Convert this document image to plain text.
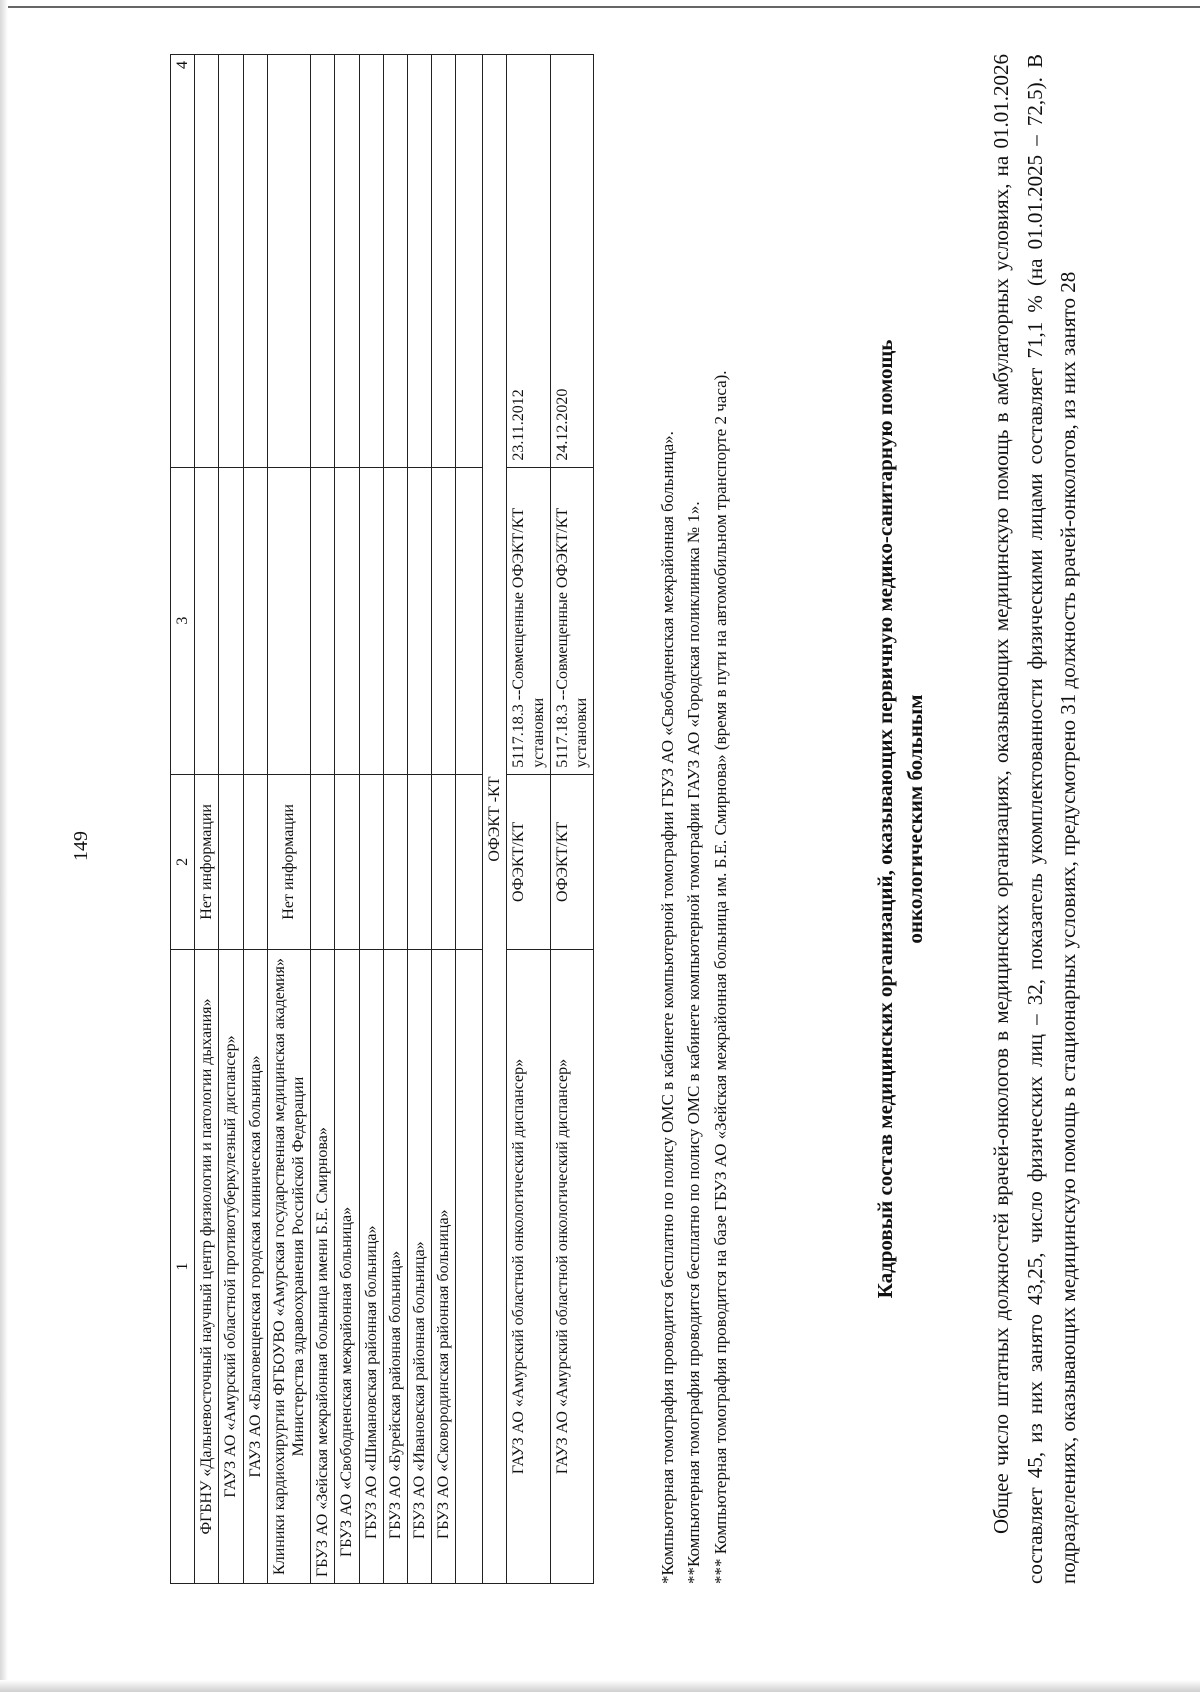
149
1	2	3	4
ФГБНУ «Дальневосточный научный центр физиологии и патологии дыхания»	Нет информации		
ГАУЗ АО «Амурский областной противотуберкулезный диспансер»			
ГАУЗ АО «Благовещенская городская клиническая больница»			
Клиники кардиохирургии ФГБОУВО «Амурская государственная медицинская академия» Министерства здравоохранения Российской Федерации	Нет информации		
ГБУЗ АО «Зейская межрайонная больница имени Б.Е. Смирнова»			
ГБУЗ АО «Свободненская межрайонная больница»			
ГБУЗ АО «Шимановская районная больница»			
ГБУЗ АО «Бурейская районная больница»			
ГБУЗ АО «Ивановская районная больница»			
ГБУЗ АО «Сковородинская районная больница»			

ОФЭКТ -КТ			
ГАУЗ АО «Амурский областной онкологический диспансер»	ОФЭКТ/КТ	5117.18.3 --Совмещенные ОФЭКТ/КТ установки	23.11.2012
ГАУЗ АО «Амурский областной онкологический диспансер»	ОФЭКТ/КТ	5117.18.3 --Совмещенные ОФЭКТ/КТ установки	24.12.2020

*Компьютерная томография проводится бесплатно по полису ОМС в кабинете компьютерной томографии ГБУЗ АО «Свободненская межрайонная больница». **Компьютерная томография проводится бесплатно по полису ОМС в кабинете компьютерной томографии ГАУЗ АО «Городская поликлиника № 1». *** Компьютерная томография проводится на базе ГБУЗ АО «Зейская межрайонная больница им. Б.Е. Смирнова» (время в пути на автомобильном транспорте 2 часа).	Кадровый состав медицинских организаций, оказывающих первичную медико-санитарную помощь онкологическим больным	Общее число штатных должностей врачей-онкологов в медицинских организациях, оказывающих медицинскую помощь в амбулаторных условиях, на 01.01.2026 составляет 45, из них занято 43,25, число физических лиц – 32, показатель укомплектованности физическими лицами составляет 71,1 % (на 01.01.2025 – 72,5). В подразделениях, оказывающих медицинскую помощь в стационарных условиях, предусмотрено 31 должность врачей-онкологов, из них занято 28
